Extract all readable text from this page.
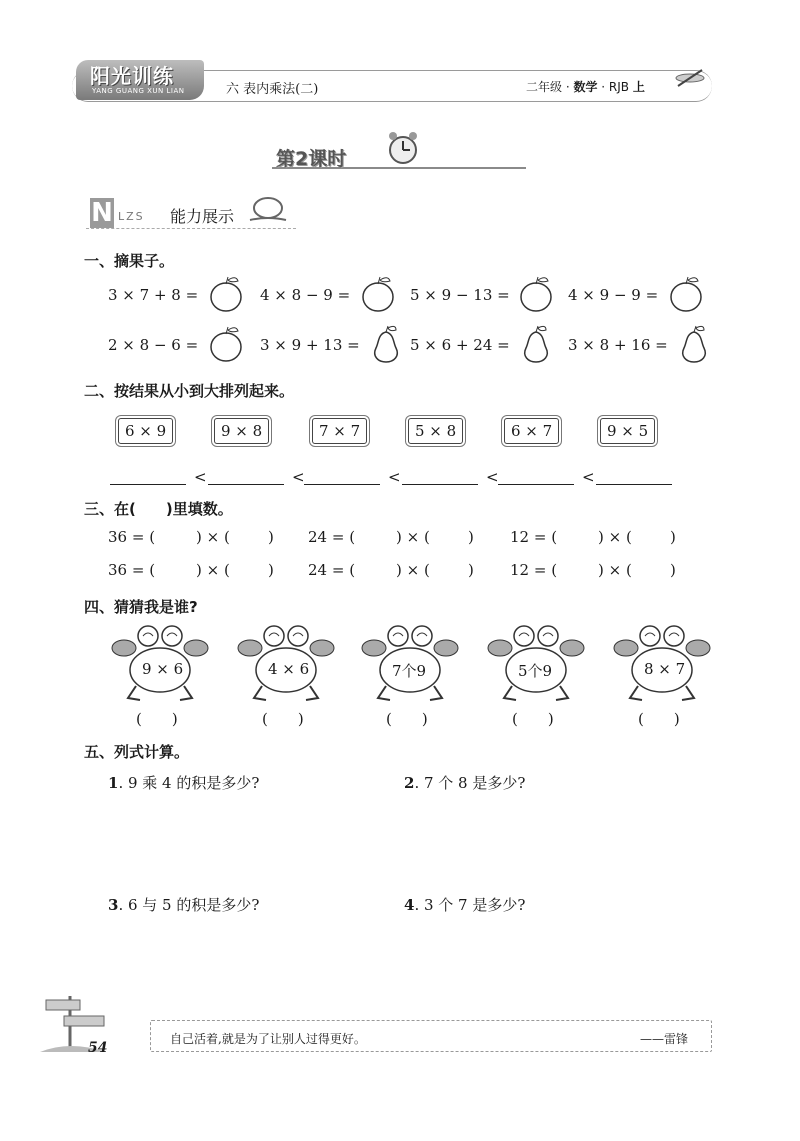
阳光训练
YANG GUANG XUN LIAN	六 表内乘法(二)	二年级 · 数学 · RJB 上
第2课时
N LZS 能力展示
一、摘果子。
3 × 7 + 8 =	4 × 8 − 9 =	5 × 9 − 13 =	4 × 9 − 9 =
2 × 8 − 6 =	3 × 9 + 13 =	5 × 6 + 24 =	3 × 8 + 16 =
二、按结果从小到大排列起来。
6 × 9	9 × 8	7 × 7	5 × 8	6 × 7	9 × 5
<	<	<	<	<
三、在(　　)里填数。
36 = (	) × (	) 24 = (	) × (	) 12 = (	) × (	)
36 = (	) × (	) 24 = (	) × (	) 12 = (	) × (	)
四、猜猜我是谁?
9 × 6
(　　)
4 × 6
(　　)
7个9
(　　)
5个9
(　　)
8 × 7
(　　)
五、列式计算。
1. 9 乘 4 的积是多少?	2. 7 个 8 是多少?
3. 6 与 5 的积是多少?	4. 3 个 7 是多少?
54
自己活着,就是为了让别人过得更好。	——雷锋
